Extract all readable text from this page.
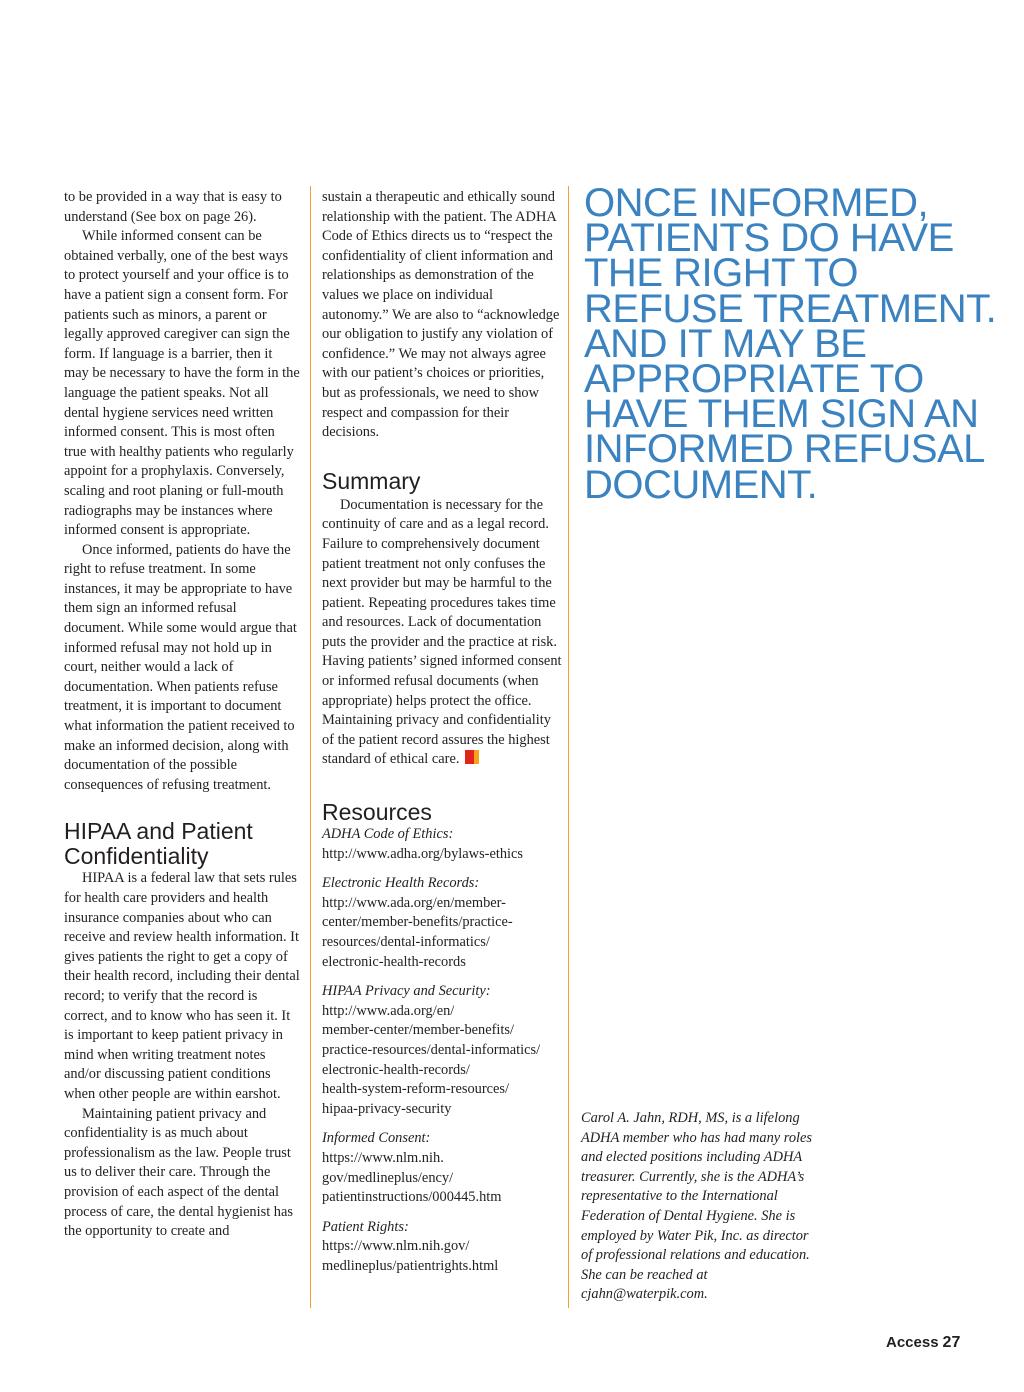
to be provided in a way that is easy to understand (See box on page 26).

While informed consent can be obtained verbally, one of the best ways to protect yourself and your office is to have a patient sign a consent form. For patients such as minors, a parent or legally approved caregiver can sign the form. If language is a barrier, then it may be necessary to have the form in the language the patient speaks. Not all dental hygiene services need written informed consent. This is most often true with healthy patients who regularly appoint for a prophylaxis. Conversely, scaling and root planing or full-mouth radiographs may be instances where informed consent is appropriate.

Once informed, patients do have the right to refuse treatment. In some instances, it may be appropriate to have them sign an informed refusal document. While some would argue that informed refusal may not hold up in court, neither would a lack of documentation. When patients refuse treatment, it is important to document what information the patient received to make an informed decision, along with documentation of the possible consequences of refusing treatment.

HIPAA and Patient Confidentiality

HIPAA is a federal law that sets rules for health care providers and health insurance companies about who can receive and review health information. It gives patients the right to get a copy of their health record, including their dental record; to verify that the record is correct, and to know who has seen it. It is important to keep patient privacy in mind when writing treatment notes and/or discussing patient conditions when other people are within earshot.

Maintaining patient privacy and confidentiality is as much about professionalism as the law. People trust us to deliver their care. Through the provision of each aspect of the dental process of care, the dental hygienist has the opportunity to create and

sustain a therapeutic and ethically sound relationship with the patient. The ADHA Code of Ethics directs us to “respect the confidentiality of client information and relationships as demonstration of the values we place on individual autonomy.” We are also to “acknowledge our obligation to justify any violation of confidence.” We may not always agree with our patient’s choices or priorities, but as professionals, we need to show respect and compassion for their decisions.

Summary

Documentation is necessary for the continuity of care and as a legal record. Failure to comprehensively document patient treatment not only confuses the next provider but may be harmful to the patient. Repeating procedures takes time and resources. Lack of documentation puts the provider and the practice at risk. Having patients’ signed informed consent or informed refusal documents (when appropriate) helps protect the office. Maintaining privacy and confidentiality of the patient record assures the highest standard of ethical care.

Resources

ADHA Code of Ethics:

http://www.adha.org/bylaws-ethics

Electronic Health Records:

http://www.ada.org/en/member-
center/member-benefits/practice-
resources/dental-informatics/
electronic-health-records

HIPAA Privacy and Security:

http://www.ada.org/en/
member-center/member-benefits/
practice-resources/dental-informatics/
electronic-health-records/
health-system-reform-resources/
hipaa-privacy-security

Informed Consent:

https://www.nlm.nih.
gov/medlineplus/ency/
patientinstructions/000445.htm

Patient Rights:

https://www.nlm.nih.gov/
medlineplus/patientrights.html

ONCE INFORMED, PATIENTS DO HAVE THE RIGHT TO REFUSE TREATMENT. AND IT MAY BE APPROPRIATE TO HAVE THEM SIGN AN INFORMED REFUSAL DOCUMENT.

Carol A. Jahn, RDH, MS, is a lifelong ADHA member who has had many roles and elected positions including ADHA treasurer. Currently, she is the ADHA’s representative to the International Federation of Dental Hygiene. She is employed by Water Pik, Inc. as director of professional relations and education. She can be reached at cjahn@waterpik.com.

Access 27
